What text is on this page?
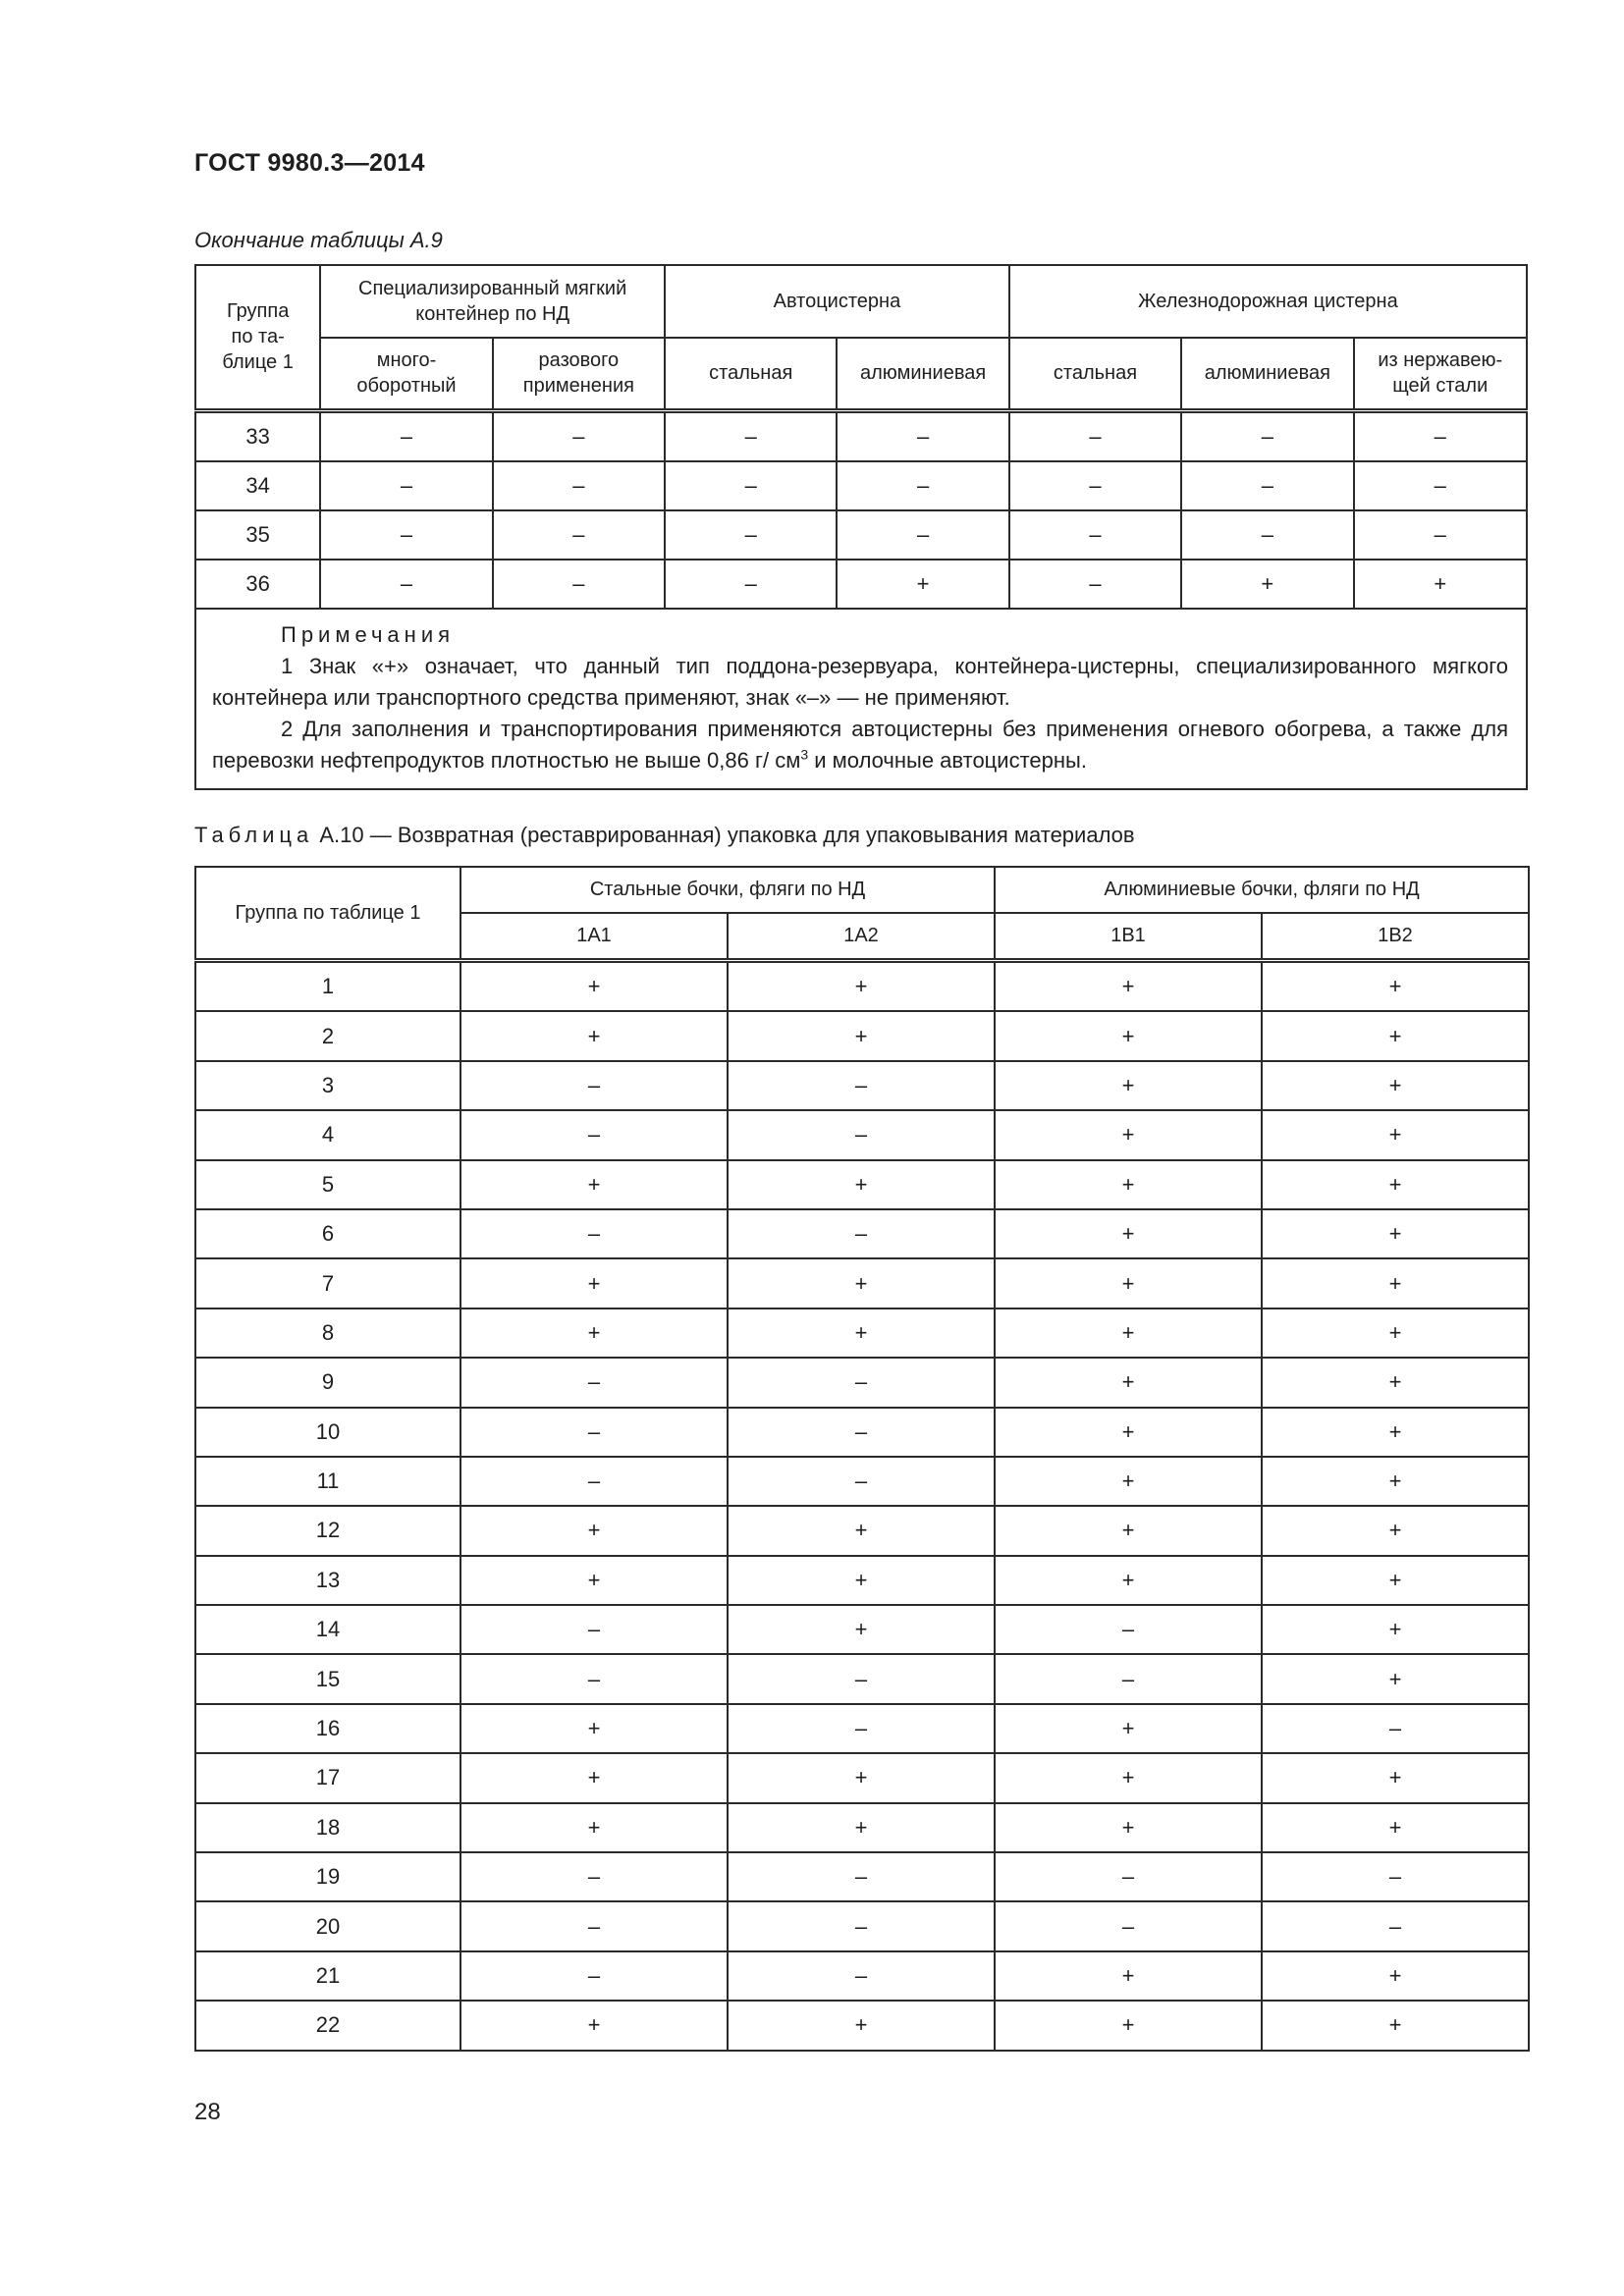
ГОСТ 9980.3—2014
Окончание таблицы А.9
Группа по та-блице 1	Специализированный мягкий контейнер по НД		Автоцистерна		Железнодорожная цистерна		

	много-оборотный	разового применения	стальная	алюминиевая	стальная	алюминиевая	из нержавею-щей стали

33	–	–	–	–	–	–	–
34	–	–	–	–	–	–	–
35	–	–	–	–	–	–	–
36	–	–	–	+	–	+	+

Примечания
1 Знак «+» означает, что данный тип поддона-резервуара, контейнера-цистерны, специализированного мягкого контейнера или транспортного средства применяют, знак «–» — не применяют.
2 Для заполнения и транспортирования применяются автоцистерны без применения огневого обогрева, а также для перевозки нефтепродуктов плотностью не выше 0,86 г/ $см^3$ и молочные автоцистерны.							
Таблица А.10 — Возвратная (реставрированная) упаковка для упаковывания материалов
Группа по таблице 1	Стальные бочки, фляги по НД		Алюминиевые бочки, фляги по НД	
	1А1	1А2	1В1	1В2
1	+	+	+	+
2	+	+	+	+
3	–	–	+	+
4	–	–	+	+
5	+	+	+	+
6	–	–	+	+
7	+	+	+	+
8	+	+	+	+
9	–	–	+	+
10	–	–	+	+
11	–	–	+	+
12	+	+	+	+
13	+	+	+	+
14	–	+	–	+
15	–	–	–	+
16	+	–	+	–
17	+	+	+	+
18	+	+	+	+
19	–	–	–	–
20	–	–	–	–
21	–	–	+	+
22	+	+	+	+
28
